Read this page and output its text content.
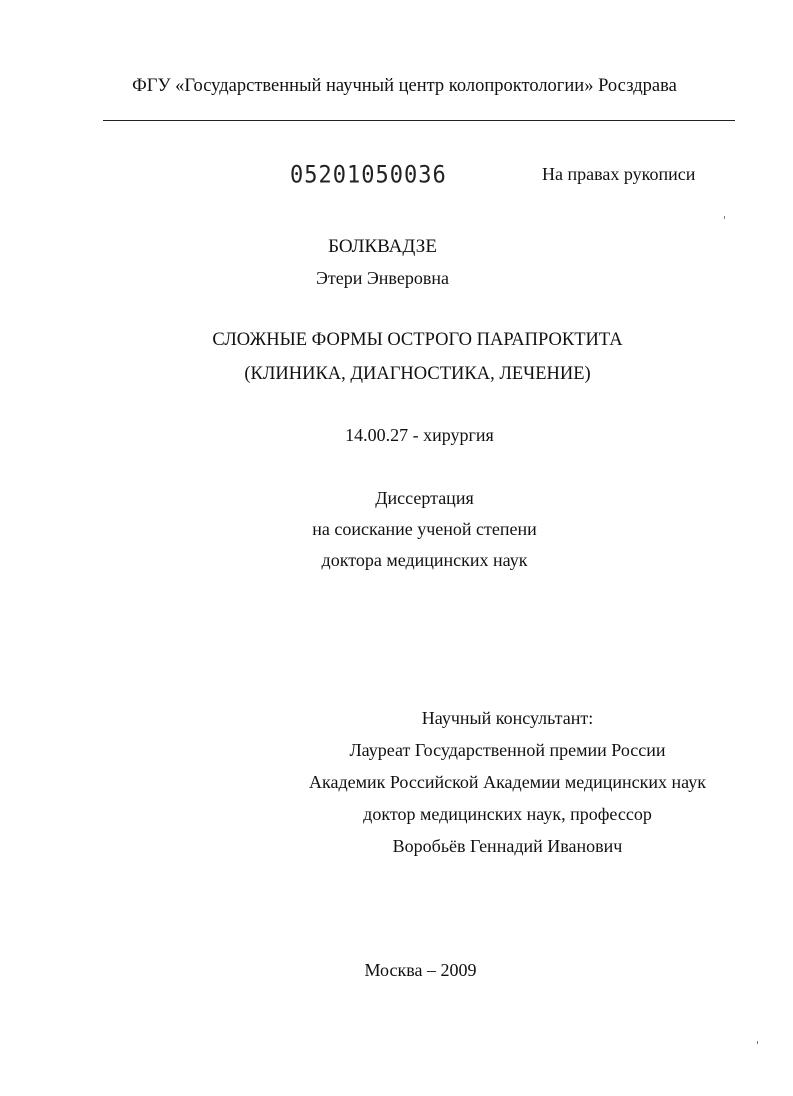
ФГУ «Государственный научный центр колопроктологии» Росздрава
05201050036	На правах рукописи
БОЛКВАДЗЕ
Этери Энверовна
СЛОЖНЫЕ ФОРМЫ ОСТРОГО ПАРАПРОКТИТА
(КЛИНИКА, ДИАГНОСТИКА, ЛЕЧЕНИЕ)
14.00.27 - хирургия
Диссертация
на соискание ученой степени
доктора медицинских наук
Научный консультант:
Лауреат Государственной премии России
Академик Российской Академии медицинских наук
доктор медицинских наук, профессор
Воробьёв Геннадий Иванович
Москва – 2009
